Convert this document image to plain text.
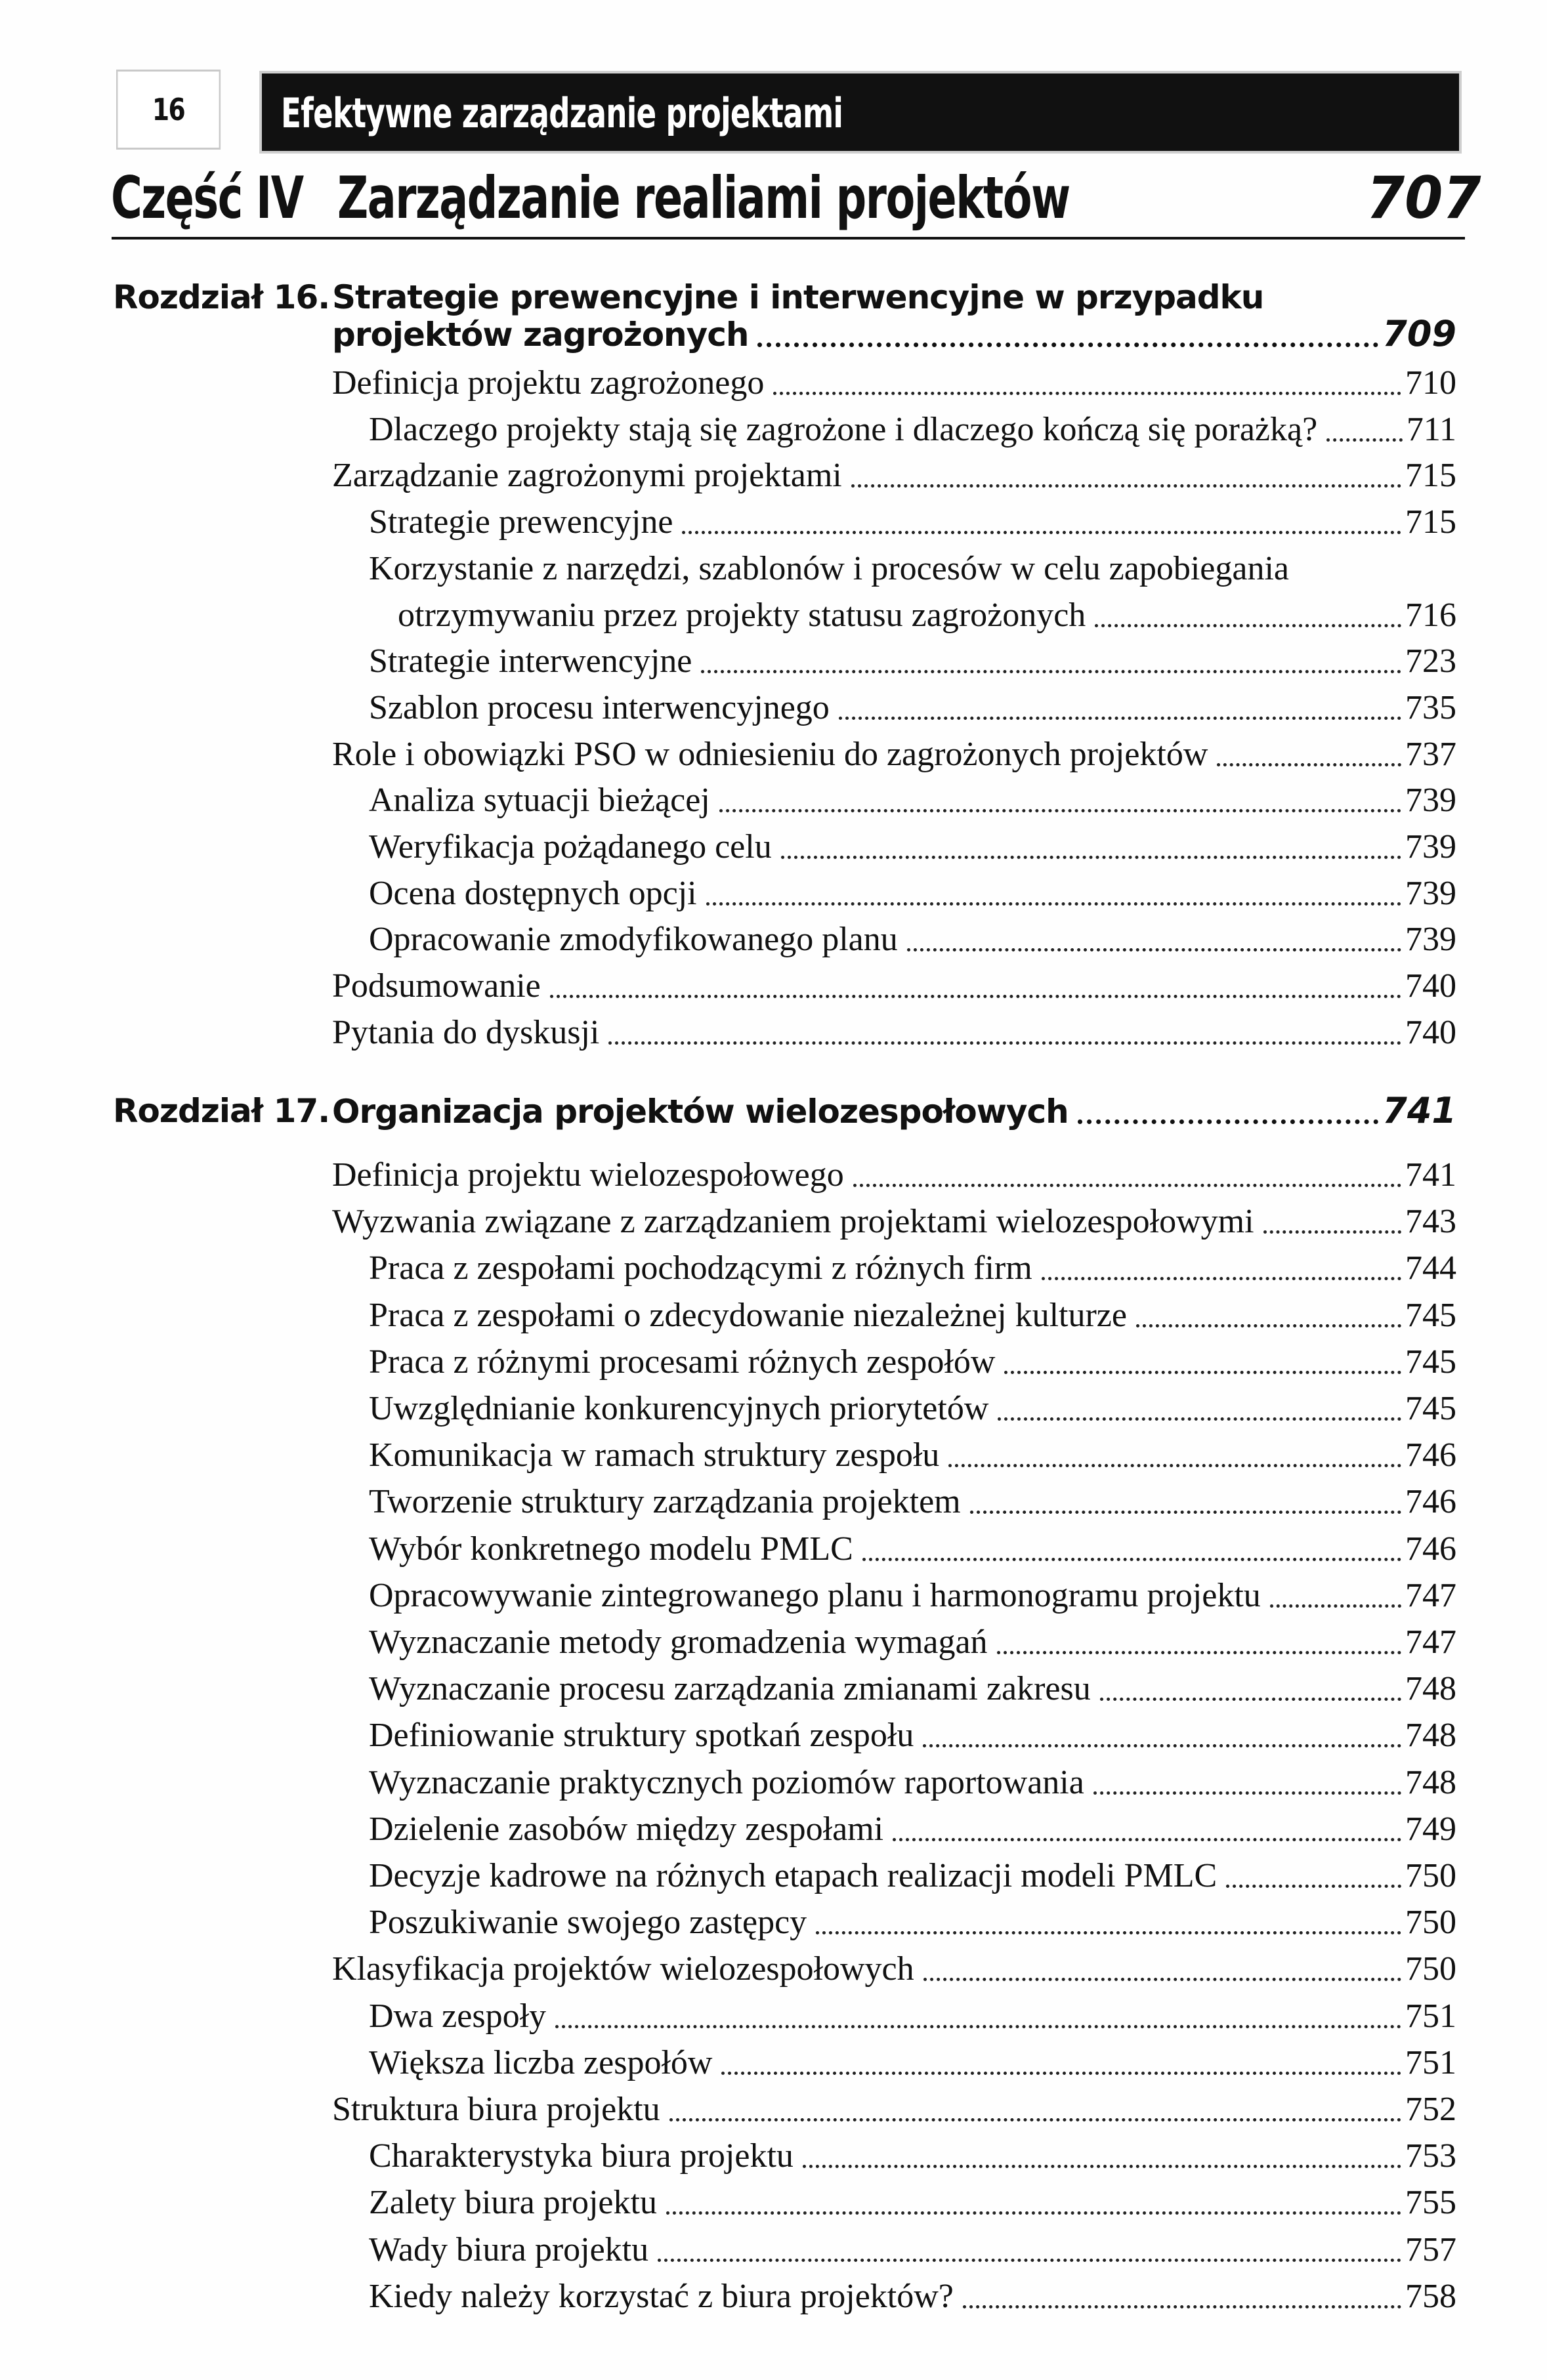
16 Efektywne zarządzanie projektami
Część IV Zarządzanie realiami projektów	707
Rozdział 16. Strategie prewencyjne i interwencyjne w przypadku
projektów zagrożonych	709
Definicja projektu zagrożonego	710
Dlaczego projekty stają się zagrożone i dlaczego kończą się porażką?	711
Zarządzanie zagrożonymi projektami	715
Strategie prewencyjne	715
Korzystanie z narzędzi, szablonów i procesów w celu zapobiegania
otrzymywaniu przez projekty statusu zagrożonych	716
Strategie interwencyjne	723
Szablon procesu interwencyjnego	735
Role i obowiązki PSO w odniesieniu do zagrożonych projektów	737
Analiza sytuacji bieżącej	739
Weryfikacja pożądanego celu	739
Ocena dostępnych opcji	739
Opracowanie zmodyfikowanego planu	739
Podsumowanie	740
Pytania do dyskusji	740
Rozdział 17. Organizacja projektów wielozespołowych	741
Definicja projektu wielozespołowego	741
Wyzwania związane z zarządzaniem projektami wielozespołowymi	743
Praca z zespołami pochodzącymi z różnych firm	744
Praca z zespołami o zdecydowanie niezależnej kulturze	745
Praca z różnymi procesami różnych zespołów	745
Uwzględnianie konkurencyjnych priorytetów	745
Komunikacja w ramach struktury zespołu	746
Tworzenie struktury zarządzania projektem	746
Wybór konkretnego modelu PMLC	746
Opracowywanie zintegrowanego planu i harmonogramu projektu	747
Wyznaczanie metody gromadzenia wymagań	747
Wyznaczanie procesu zarządzania zmianami zakresu	748
Definiowanie struktury spotkań zespołu	748
Wyznaczanie praktycznych poziomów raportowania	748
Dzielenie zasobów między zespołami	749
Decyzje kadrowe na różnych etapach realizacji modeli PMLC	750
Poszukiwanie swojego zastępcy	750
Klasyfikacja projektów wielozespołowych	750
Dwa zespoły	751
Większa liczba zespołów	751
Struktura biura projektu	752
Charakterystyka biura projektu	753
Zalety biura projektu	755
Wady biura projektu	757
Kiedy należy korzystać z biura projektów?	758
